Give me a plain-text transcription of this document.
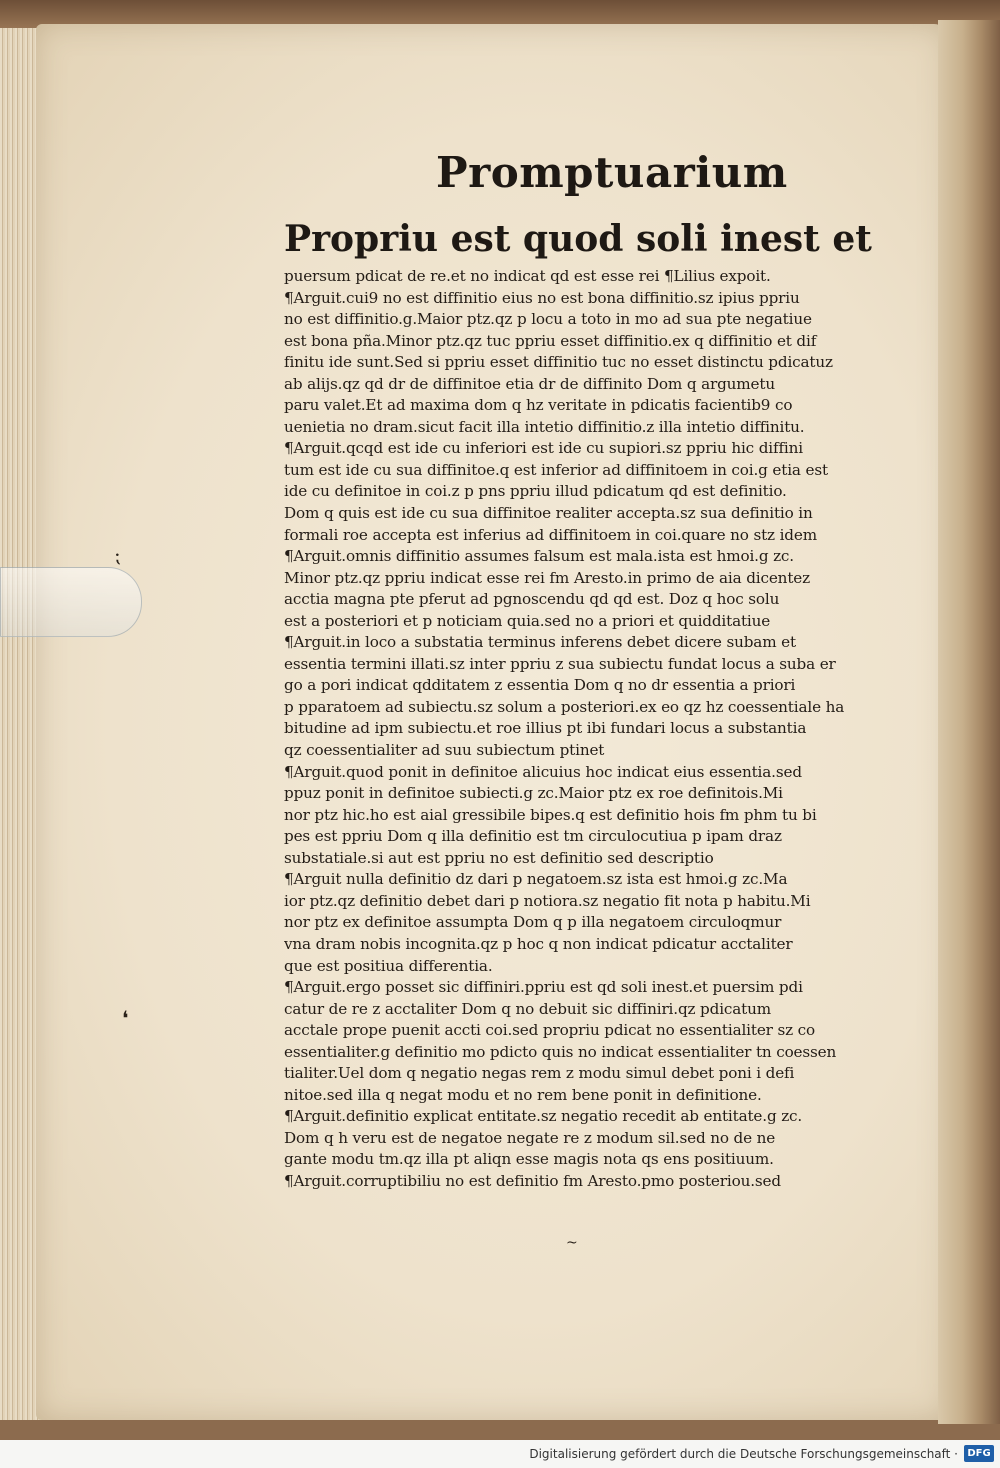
⁏
❛
~
Promptuarium
Propriu est quod soli inest et
puersum pdicat de re.et no indicat qd est esse rei ¶Lilius expoit.
¶Arguit.cui9 no est diffinitio eius no est bona diffinitio.sz ipius ppriu
no est diffinitio.g.Maior ptz.qz p locu a toto in mo ad sua pte negatiue
est bona pña.Minor ptz.qz tuc ppriu esset diffinitio.ex q diffinitio et dif
finitu ide sunt.Sed si ppriu esset diffinitio tuc no esset distinctu pdicatuz
ab alijs.qz qd dr de diffinitoe etia dr de diffinito Dom q argumetu
paru valet.Et ad maxima dom q hz veritate in pdicatis facientib9 co
uenietia no dram.sicut facit illa intetio diffinitio.z illa intetio diffinitu.
¶Arguit.qcqd est ide cu inferiori est ide cu supiori.sz ppriu hic diffini
tum est ide cu sua diffinitoe.q est inferior ad diffinitoem in coi.g etia est
ide cu definitoe in coi.z p pns ppriu illud pdicatum qd est definitio.
Dom q quis est ide cu sua diffinitoe realiter accepta.sz sua definitio in
formali roe accepta est inferius ad diffinitoem in coi.quare no stz idem
¶Arguit.omnis diffinitio assumes falsum est mala.ista est hmoi.g zc.
Minor ptz.qz ppriu indicat esse rei fm Aresto.in primo de aia dicentez
acctia magna pte pferut ad pgnoscendu qd qd est. Doz q hoc solu
est a posteriori et p noticiam quia.sed no a priori et quidditatiue
¶Arguit.in loco a substatia terminus inferens debet dicere subam et
essentia termini illati.sz inter ppriu z sua subiectu fundat locus a suba er
go a pori indicat qdditatem z essentia Dom q no dr essentia a priori
p pparatoem ad subiectu.sz solum a posteriori.ex eo qz hz coessentiale ha
bitudine ad ipm subiectu.et roe illius pt ibi fundari locus a substantia
qz coessentialiter ad suu subiectum ptinet
¶Arguit.quod ponit in definitoe alicuius hoc indicat eius essentia.sed
ppuz ponit in definitoe subiecti.g zc.Maior ptz ex roe definitois.Mi
nor ptz hic.ho est aial gressibile bipes.q est definitio hois fm phm tu bi
pes est ppriu Dom q illa definitio est tm circulocutiua p ipam draz
substatiale.si aut est ppriu no est definitio sed descriptio
¶Arguit nulla definitio dz dari p negatoem.sz ista est hmoi.g zc.Ma
ior ptz.qz definitio debet dari p notiora.sz negatio fit nota p habitu.Mi
nor ptz ex definitoe assumpta Dom q p illa negatoem circuloqmur
vna dram nobis incognita.qz p hoc q non indicat pdicatur acctaliter
que est positiua differentia.
¶Arguit.ergo posset sic diffiniri.ppriu est qd soli inest.et puersim pdi
catur de re z acctaliter Dom q no debuit sic diffiniri.qz pdicatum
acctale prope puenit accti coi.sed propriu pdicat no essentialiter sz co
essentialiter.g definitio mo pdicto quis no indicat essentialiter tn coessen
tialiter.Uel dom q negatio negas rem z modu simul debet poni i defi
nitoe.sed illa q negat modu et no rem bene ponit in definitione.
¶Arguit.definitio explicat entitate.sz negatio recedit ab entitate.g zc.
Dom q h veru est de negatoe negate re z modum sil.sed no de ne
gante modu tm.qz illa pt aliqn esse magis nota qs ens positiuum.
¶Arguit.corruptibiliu no est definitio fm Aresto.pmo posteriou.sed
Digitalisierung gefördert durch die Deutsche Forschungsgemeinschaft · DFG
